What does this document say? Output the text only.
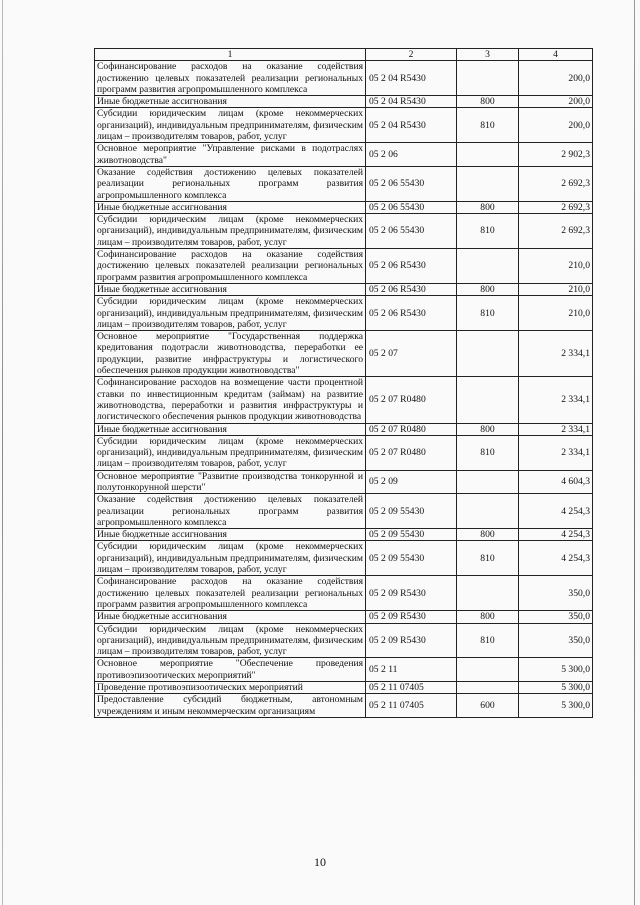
1	2	3	4
Софинансирование расходов на оказание содействия достижению целевых показателей реализации региональных программ развития агропромышленного комплекса	05 2 04 R5430		200,0
Иные бюджетные ассигнования	05 2 04 R5430	800	200,0
Субсидии юридическим лицам (кроме некоммерческих организаций), индивидуальным предпринимателям, физическим лицам – производителям товаров, работ, услуг	05 2 04 R5430	810	200,0
Основное мероприятие "Управление рисками в подотраслях животноводства"	05 2 06		2 902,3
Оказание содействия достижению целевых показателей реализации региональных программ развития агропромышленного комплекса	05 2 06 55430		2 692,3
Иные бюджетные ассигнования	05 2 06 55430	800	2 692,3
Субсидии юридическим лицам (кроме некоммерческих организаций), индивидуальным предпринимателям, физическим лицам – производителям товаров, работ, услуг	05 2 06 55430	810	2 692,3
Софинансирование расходов на оказание содействия достижению целевых показателей реализации региональных программ развития агропромышленного комплекса	05 2 06 R5430		210,0
Иные бюджетные ассигнования	05 2 06 R5430	800	210,0
Субсидии юридическим лицам (кроме некоммерческих организаций), индивидуальным предпринимателям, физическим лицам – производителям товаров, работ, услуг	05 2 06 R5430	810	210,0
Основное мероприятие "Государственная поддержка кредитования подотрасли животноводства, переработки ее продукции, развитие инфраструктуры и логистического обеспечения рынков продукции животноводства"	05 2 07		2 334,1
Софинансирование расходов на возмещение части процентной ставки по инвестиционным кредитам (займам) на развитие животноводства, переработки и развития инфраструктуры и логистического обеспечения рынков продукции животноводства	05 2 07 R0480		2 334,1
Иные бюджетные ассигнования	05 2 07 R0480	800	2 334,1
Субсидии юридическим лицам (кроме некоммерческих организаций), индивидуальным предпринимателям, физическим лицам – производителям товаров, работ, услуг	05 2 07 R0480	810	2 334,1
Основное мероприятие "Развитие производства тонкорунной и полутонкорунной шерсти"	05 2 09		4 604,3
Оказание содействия достижению целевых показателей реализации региональных программ развития агропромышленного комплекса	05 2 09 55430		4 254,3
Иные бюджетные ассигнования	05 2 09 55430	800	4 254,3
Субсидии юридическим лицам (кроме некоммерческих организаций), индивидуальным предпринимателям, физическим лицам – производителям товаров, работ, услуг	05 2 09 55430	810	4 254,3
Софинансирование расходов на оказание содействия достижению целевых показателей реализации региональных программ развития агропромышленного комплекса	05 2 09 R5430		350,0
Иные бюджетные ассигнования	05 2 09 R5430	800	350,0
Субсидии юридическим лицам (кроме некоммерческих организаций), индивидуальным предпринимателям, физическим лицам – производителям товаров, работ, услуг	05 2 09 R5430	810	350,0
Основное мероприятие "Обеспечение проведения противоэпизоотических мероприятий"	05 2 11		5 300,0
Проведение противоэпизоотических мероприятий	05 2 11 07405		5 300,0
Предоставление субсидий бюджетным, автономным учреждениям и иным некоммерческим организациям	05 2 11 07405	600	5 300,0
10
